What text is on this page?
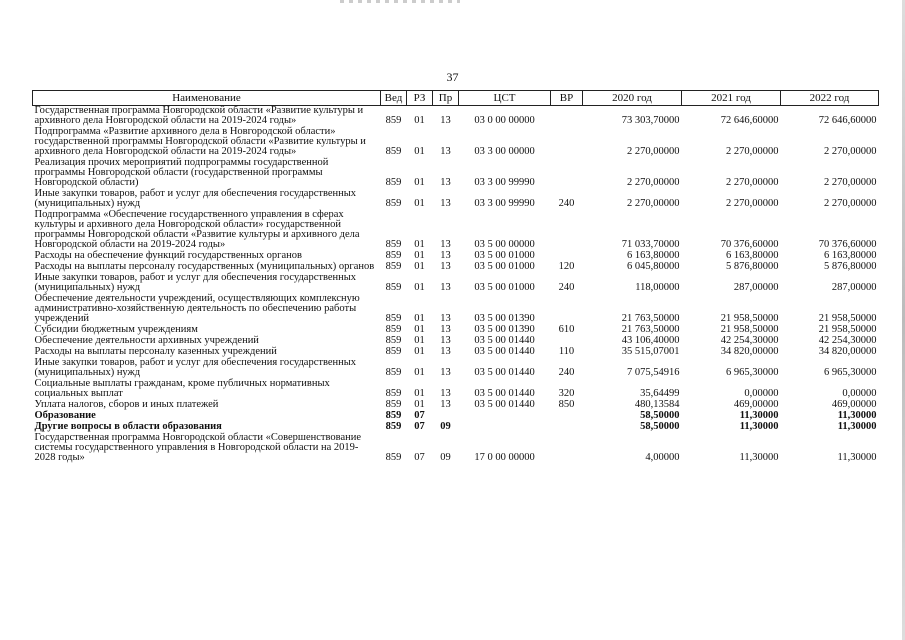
37
Наименование	Вед	РЗ	Пр	ЦСТ	ВР	2020 год	2021 год	2022 год
Государственная программа Новгородской области «Развитие культуры и архивного дела Новгородской области на 2019-2024 годы»	859	01	13	03 0 00 00000		73 303,70000	72 646,60000	72 646,60000
Подпрограмма «Развитие архивного дела в Новгородской области» государственной программы Новгородской области «Развитие культуры и архивного дела Новгородской области на 2019-2024 годы»	859	01	13	03 3 00 00000		2 270,00000	2 270,00000	2 270,00000
Реализация прочих мероприятий подпрограммы государственной программы Новгородской области (государственной программы Новгородской области)	859	01	13	03 3 00 99990		2 270,00000	2 270,00000	2 270,00000
Иные закупки товаров, работ и услуг для обеспечения государственных (муниципальных) нужд	859	01	13	03 3 00 99990	240	2 270,00000	2 270,00000	2 270,00000
Подпрограмма «Обеспечение государственного управления в сферах культуры и архивного дела Новгородской области» государственной программы Новгородской области «Развитие культуры и архивного дела Новгородской области на 2019-2024 годы»	859	01	13	03 5 00 00000		71 033,70000	70 376,60000	70 376,60000
Расходы на обеспечение функций государственных органов	859	01	13	03 5 00 01000		6 163,80000	6 163,80000	6 163,80000
Расходы на выплаты персоналу государственных (муниципальных) органов	859	01	13	03 5 00 01000	120	6 045,80000	5 876,80000	5 876,80000
Иные закупки товаров, работ и услуг для обеспечения государственных (муниципальных) нужд	859	01	13	03 5 00 01000	240	118,00000	287,00000	287,00000
Обеспечение деятельности учреждений, осуществляющих комплексную административно-хозяйственную деятельность по обеспечению работы учреждений	859	01	13	03 5 00 01390		21 763,50000	21 958,50000	21 958,50000
Субсидии бюджетным учреждениям	859	01	13	03 5 00 01390	610	21 763,50000	21 958,50000	21 958,50000
Обеспечение деятельности архивных учреждений	859	01	13	03 5 00 01440		43 106,40000	42 254,30000	42 254,30000
Расходы на выплаты персоналу казенных учреждений	859	01	13	03 5 00 01440	110	35 515,07001	34 820,00000	34 820,00000
Иные закупки товаров, работ и услуг для обеспечения государственных (муниципальных) нужд	859	01	13	03 5 00 01440	240	7 075,54916	6 965,30000	6 965,30000
Социальные выплаты гражданам, кроме публичных нормативных социальных выплат	859	01	13	03 5 00 01440	320	35,64499	0,00000	0,00000
Уплата налогов, сборов и иных платежей	859	01	13	03 5 00 01440	850	480,13584	469,00000	469,00000
Образование	859	07				58,50000	11,30000	11,30000
Другие вопросы в области образования	859	07	09			58,50000	11,30000	11,30000
Государственная программа Новгородской области «Совершенствование системы государственного управления в Новгородской области на 2019-2028 годы»	859	07	09	17 0 00 00000		4,00000	11,30000	11,30000
